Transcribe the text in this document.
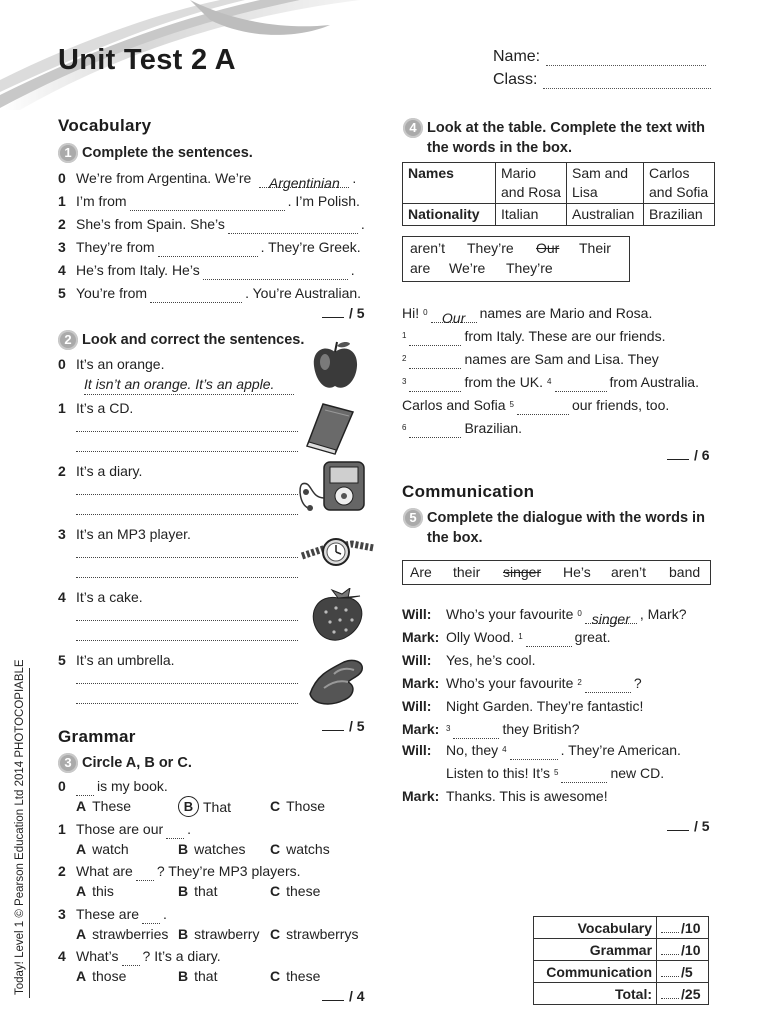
Unit Test 2 A	Name:
Class:
Today! Level 1 © Pearson Education Ltd 2014 PHOTOCOPIABLE
Vocabulary
1 Complete the sentences.
0 We’re from Argentina. We’re	Argentinian .
1 I’m from	. I’m Polish.
2 She’s from Spain. She’s	.
3 They’re from	. They’re Greek.
4 He’s from Italy. He’s	.
5 You’re from	. You’re Australian.
/ 5
2 Look and correct the sentences.
0 It’s an orange.
It isn’t an orange. It’s an apple.
1 It’s a CD.
2 It’s a diary.
3 It’s an MP3 player.
4 It’s a cake.
5 It’s an umbrella.
/ 5
Grammar
3 Circle A, B or C.
0	is my book.
A These	B That	C Those
1 Those are our .
A watch	B watches	C watchs
2 What are ? They’re MP3 players.
A this	B that	C these
3 These are .
A strawberries B strawberry C strawberrys
4 What’s ? It’s a diary.
A those	B that	C these
/ 4
4 Look at the table. Complete the text with the words in the box.
Names	Mario and Rosa	Sam and Lisa	Carlos and Sofia
Nationality	Italian	Australian	Brazilian
aren’t They’re Our Their
are We’re They’re
Hi! 0	Our	names are Mario and Rosa.
1	from Italy. These are our friends.
2	names are Sam and Lisa. They
3	from the UK. 4	from Australia.
Carlos and Sofia 5	our friends, too.
6	Brazilian.
/ 6
Communication
5 Complete the dialogue with the words in the box.
Are their singer He’s aren’t band
Will:	Who’s your favourite 0 singer , Mark?
Mark: Olly Wood. 1	great.
Will:	Yes, he’s cool.
Mark: Who’s your favourite 2	?
Will:	Night Garden. They’re fantastic!
Mark: 3	they British?
Will:	No, they 4	. They’re American.
Listen to this! It’s 5	new CD.
Mark: Thanks. This is awesome!
/ 5
Vocabulary	/10
Grammar	/10
Communication	/5
Total:	/25
